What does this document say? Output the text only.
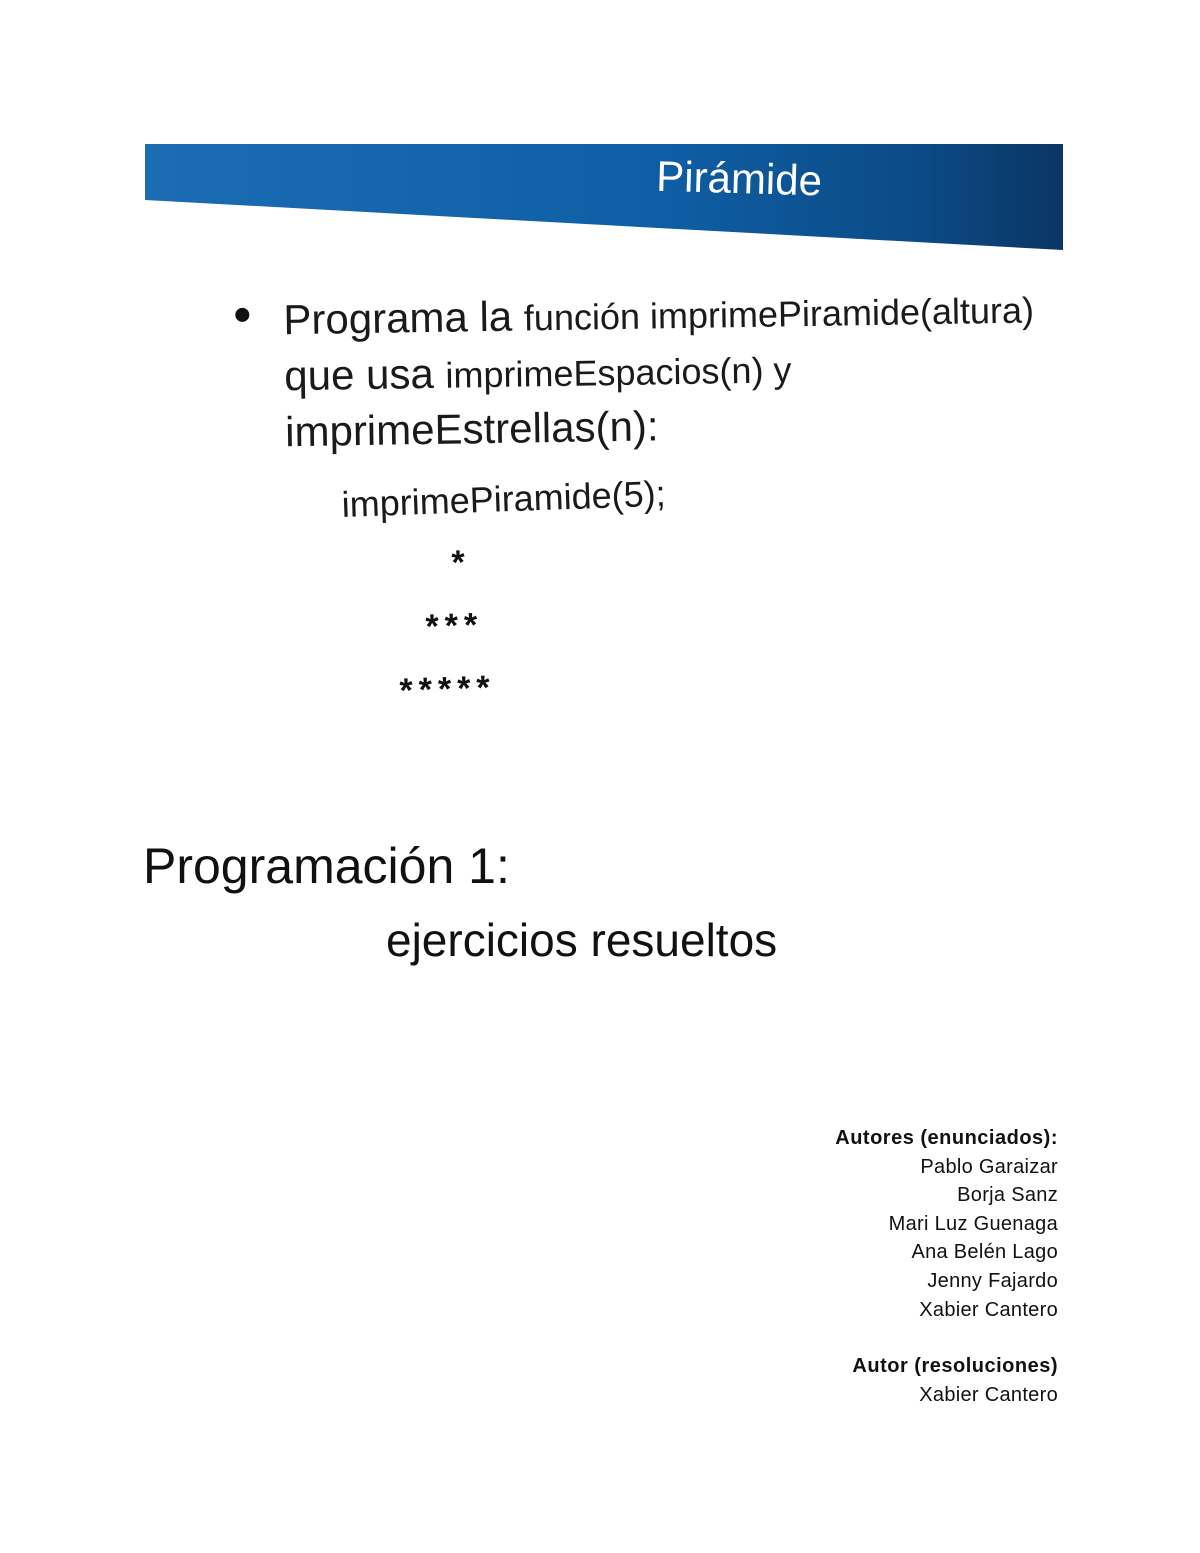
Pirámide
Programa la función imprimePiramide(altura)
que usa imprimeEspacios(n) y
imprimeEstrellas(n):
imprimePiramide(5);
*
***
*****
Programación 1:
ejercicios resueltos
Autores (enunciados):
Pablo Garaizar
Borja Sanz
Mari Luz Guenaga
Ana Belén Lago
Jenny Fajardo
Xabier Cantero
Autor (resoluciones)
Xabier Cantero
